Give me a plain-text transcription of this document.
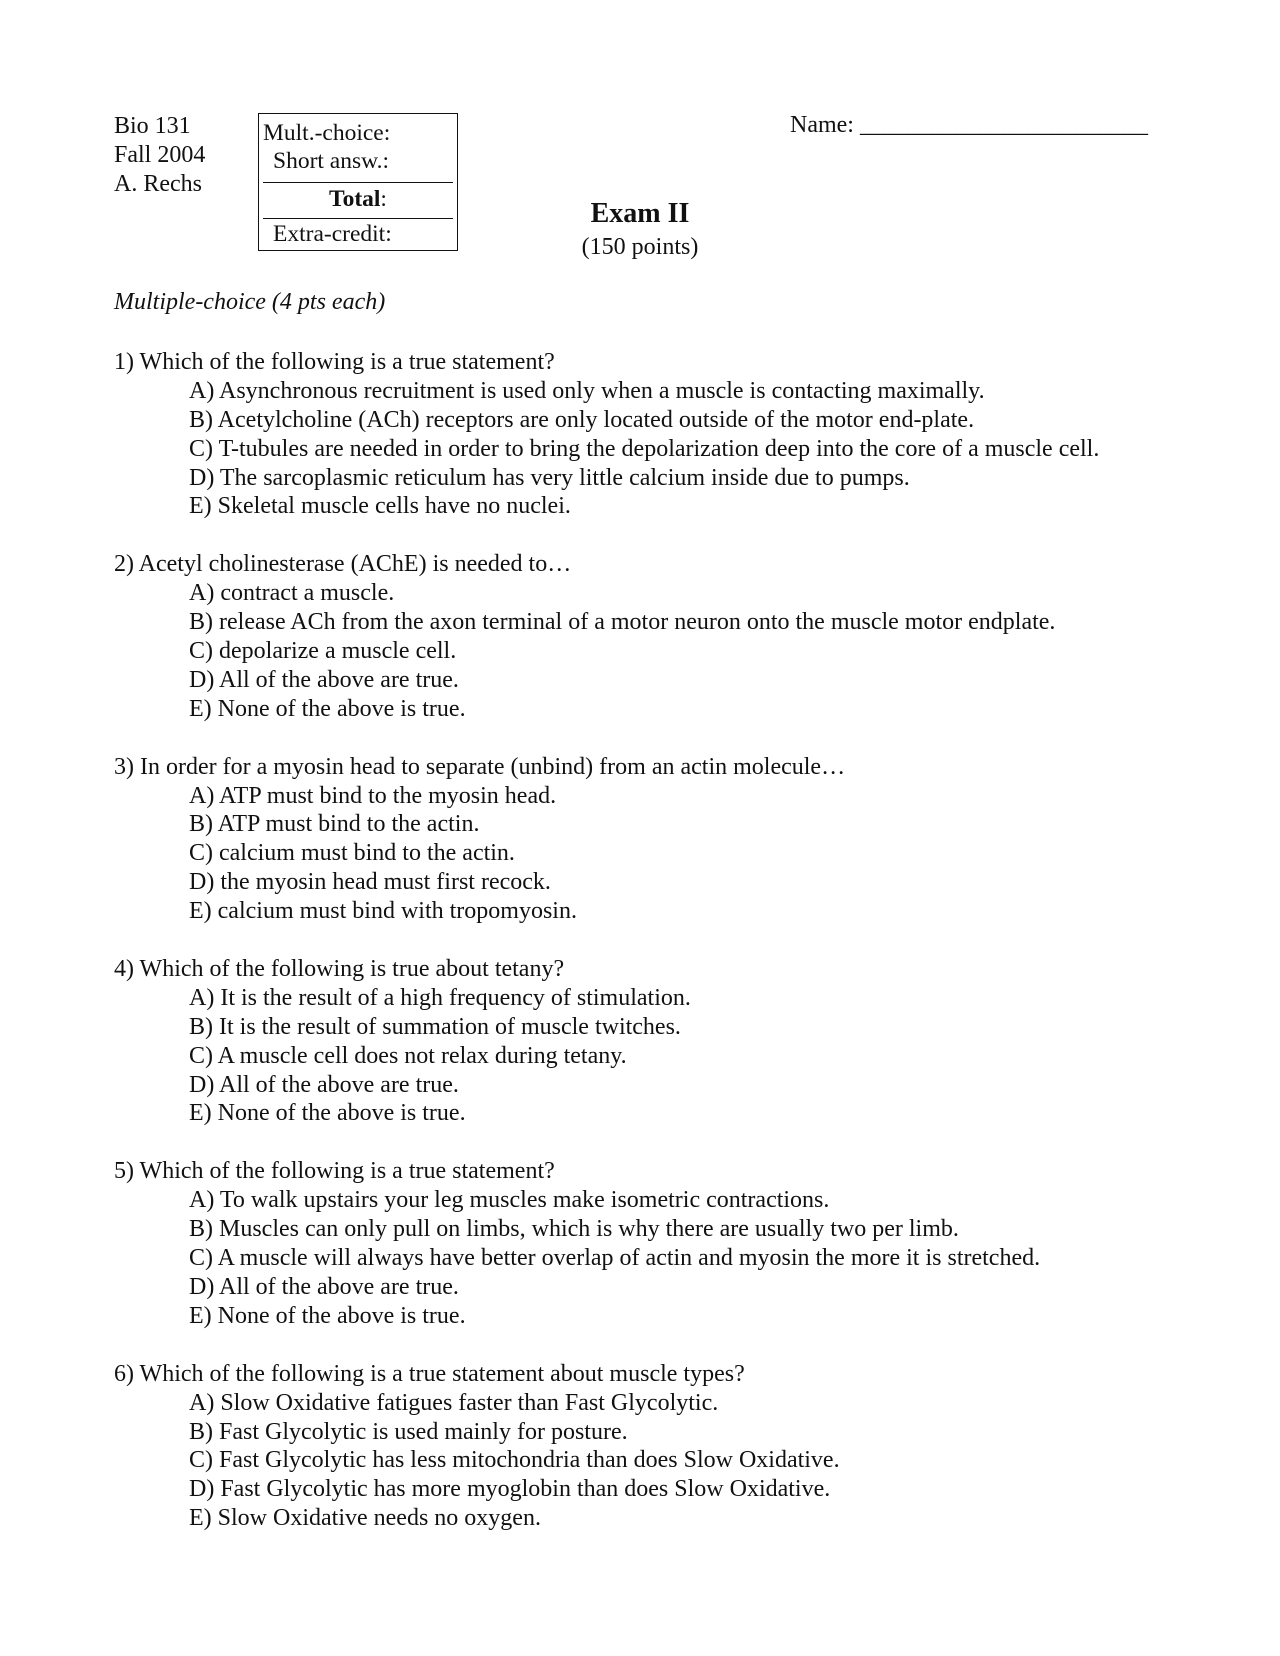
Bio 131
Fall 2004
A. Rechs
Mult.-choice:
Short answ.:
Total:
Extra-credit:
Name: ________________________
Exam II
(150 points)
Multiple-choice (4 pts each)
1) Which of the following is a true statement?
A) Asynchronous recruitment is used only when a muscle is contacting maximally.
B) Acetylcholine (ACh) receptors are only located outside of the motor end-plate.
C) T-tubules are needed in order to bring the depolarization deep into the core of a muscle cell.
D) The sarcoplasmic reticulum has very little calcium inside due to pumps.
E) Skeletal muscle cells have no nuclei.
2) Acetyl cholinesterase (AChE) is needed to…
A) contract a muscle.
B) release ACh from the axon terminal of a motor neuron onto the muscle motor endplate.
C) depolarize a muscle cell.
D) All of the above are true.
E) None of the above is true.
3) In order for a myosin head to separate (unbind) from an actin molecule…
A) ATP must bind to the myosin head.
B) ATP must bind to the actin.
C) calcium must bind to the actin.
D) the myosin head must first recock.
E) calcium must bind with tropomyosin.
4) Which of the following is true about tetany?
A) It is the result of a high frequency of stimulation.
B) It is the result of summation of muscle twitches.
C) A muscle cell does not relax during tetany.
D) All of the above are true.
E) None of the above is true.
5) Which of the following is a true statement?
A) To walk upstairs your leg muscles make isometric contractions.
B) Muscles can only pull on limbs, which is why there are usually two per limb.
C) A muscle will always have better overlap of actin and myosin the more it is stretched.
D) All of the above are true.
E) None of the above is true.
6) Which of the following is a true statement about muscle types?
A) Slow Oxidative fatigues faster than Fast Glycolytic.
B) Fast Glycolytic is used mainly for posture.
C) Fast Glycolytic has less mitochondria than does Slow Oxidative.
D) Fast Glycolytic has more myoglobin than does Slow Oxidative.
E) Slow Oxidative needs no oxygen.
